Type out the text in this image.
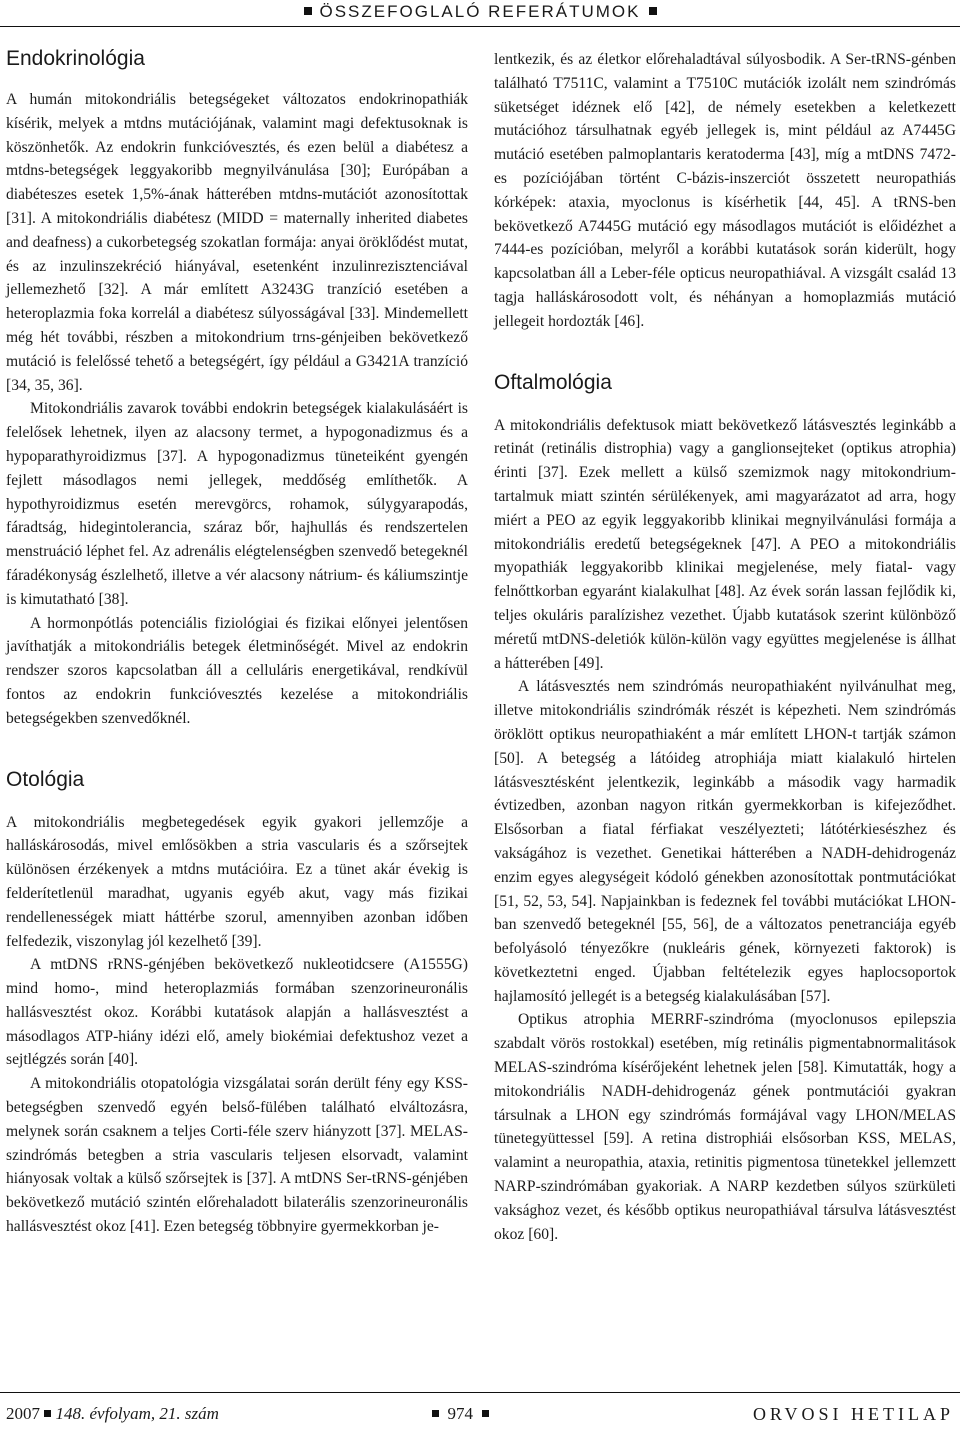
ÖSSZEFOGLALÓ REFERÁTUMOK
Endokrinológia

A humán mitokondriális betegségeket változatos endokrinopathiák kísérik, melyek a mtdns mutációjának, valamint magi defektusoknak is köszönhetők. Az endokrin funkcióvesztés, és ezen belül a diabétesz a mtdns-betegségek leggyakoribb megnyilvánulása [30]; Európában a diabéteszes esetek 1,5%-ának hátterében mtdns-mutációt azonosítottak [31]. A mitokondriális diabétesz (MIDD = maternally inherited diabetes and deafness) a cukorbetegség szokatlan formája: anyai öröklődést mutat, és az inzulinszekréció hiányával, esetenként inzulinrezisztenciával jellemezhető [32]. A már említett A3243G tranzíció esetében a heteroplazmia foka korrelál a diabétesz súlyosságával [33]. Mindemellett még hét további, részben a mitokondrium trns-génjeiben bekövetkező mutáció is felelőssé tehető a betegségért, így például a G3421A tranzíció [34, 35, 36].

Mitokondriális zavarok további endokrin betegségek kialakulásáért is felelősek lehetnek, ilyen az alacsony termet, a hypogonadizmus és a hypoparathyroidizmus [37]. A hypogonadizmus tüneteiként gyengén fejlett másodlagos nemi jellegek, meddőség említhetők. A hypothyroidizmus esetén merevgörcs, rohamok, súlygyarapodás, fáradtság, hidegintolerancia, száraz bőr, hajhullás és rendszertelen menstruáció léphet fel. Az adrenális elégtelenségben szenvedő betegeknél fáradékonyság észlelhető, illetve a vér alacsony nátrium- és káliumszintje is kimutatható [38].

A hormonpótlás potenciális fiziológiai és fizikai előnyei jelentősen javíthatják a mitokondriális betegek életminőségét. Mivel az endokrin rendszer szoros kapcsolatban áll a celluláris energetikával, rendkívül fontos az endokrin funkcióvesztés kezelése a mitokondriális betegségekben szenvedőknél.

Otológia

A mitokondriális megbetegedések egyik gyakori jellemzője a halláskárosodás, mivel emlősökben a stria vascularis és a szőrsejtek különösen érzékenyek a mtdns mutációira. Ez a tünet akár évekig is felderítetlenül maradhat, ugyanis egyéb akut, vagy más fizikai rendellenességek miatt háttérbe szorul, amennyiben azonban időben felfedezik, viszonylag jól kezelhető [39].

A mtDNS rRNS-génjében bekövetkező nukleotidcsere (A1555G) mind homo-, mind heteroplazmiás formában szenzorineuronális hallásvesztést okoz. Korábbi kutatások alapján a hallásvesztést a másodlagos ATP-hiány idézi elő, amely biokémiai defektushoz vezet a sejtlégzés során [40].

A mitokondriális otopatológia vizsgálatai során derült fény egy KSS-betegségben szenvedő egyén belső-fülében található elváltozásra, melynek során csaknem a teljes Corti-féle szerv hiányzott [37]. MELAS-szindrómás betegben a stria vascularis teljesen elsorvadt, valamint hiányosak voltak a külső szőrsejtek is [37]. A mtDNS Ser-tRNS-génjében bekövetkező mutáció szintén előrehaladott bilaterális szenzorineuronális hallásvesztést okoz [41]. Ezen betegség többnyire gyermekkorban je-

lentkezik, és az életkor előrehaladtával súlyosbodik. A Ser-tRNS-génben található T7511C, valamint a T7510C mutációk izolált nem szindrómás süketséget idéznek elő [42], de némely esetekben a keletkezett mutációhoz társulhatnak egyéb jellegek is, mint például az A7445G mutáció esetében palmoplantaris keratoderma [43], míg a mtDNS 7472-es pozíciójában történt C-bázis-inszerciót összetett neuropathiás kórképek: ataxia, myoclonus is kísérhetik [44, 45]. A tRNS-ben bekövetkező A7445G mutáció egy másodlagos mutációt is előidézhet a 7444-es pozícióban, melyről a korábbi kutatások során kiderült, hogy kapcsolatban áll a Leber-féle opticus neuropathiával. A vizsgált család 13 tagja halláskárosodott volt, és néhányan a homoplazmiás mutáció jellegeit hordozták [46].

Oftalmológia

A mitokondriális defektusok miatt bekövetkező látásvesztés leginkább a retinát (retinális distrophia) vagy a ganglionsejteket (optikus atrophia) érinti [37]. Ezek mellett a külső szemizmok nagy mitokondrium-tartalmuk miatt szintén sérülékenyek, ami magyarázatot ad arra, hogy miért a PEO az egyik leggyakoribb klinikai megnyilvánulási formája a mitokondriális eredetű betegségeknek [47]. A PEO a mitokondriális myopathiák leggyakoribb klinikai megjelenése, mely fiatal- vagy felnőttkorban egyaránt kialakulhat [48]. Az évek során lassan fejlődik ki, teljes okuláris paralízishez vezethet. Újabb kutatások szerint különböző méretű mtDNS-deletiók külön-külön vagy együttes megjelenése is állhat a hátterében [49].

A látásvesztés nem szindrómás neuropathiaként nyilvánulhat meg, illetve mitokondriális szindrómák részét is képezheti. Nem szindrómás öröklött optikus neuropathiaként a már említett LHON-t tartják számon [50]. A betegség a látóideg atrophiája miatt kialakuló hirtelen látásvesztésként jelentkezik, leginkább a második vagy harmadik évtizedben, azonban nagyon ritkán gyermekkorban is kifejeződhet. Elsősorban a fiatal férfiakat veszélyezteti; látótérkiesészhez és vakságához is vezethet. Genetikai hátterében a NADH-dehidrogenáz enzim egyes alegységeit kódoló génekben azonosítottak pontmutációkat [51, 52, 53, 54]. Napjainkban is fedeznek fel további mutációkat LHON-ban szenvedő betegeknél [55, 56], de a változatos penetranciája egyéb befolyásoló tényezőkre (nukleáris gének, környezeti faktorok) is következtetni enged. Újabban feltételezik egyes haplocsoportok hajlamosító jellegét is a betegség kialakulásában [57].

Optikus atrophia MERRF-szindróma (myoclonusos epilepszia szabdalt vörös rostokkal) esetében, míg retinális pigmentabnormalitások MELAS-szindróma kísérőjeként lehetnek jelen [58]. Kimutatták, hogy a mitokondriális NADH-dehidrogenáz gének pontmutációi gyakran társulnak a LHON egy szindrómás formájával vagy LHON/MELAS tünetegyüttessel [59]. A retina distrophiái elsősorban KSS, MELAS, valamint a neuropathia, ataxia, retinitis pigmentosa tünetekkel jellemzett NARP-szindrómában gyakoriak. A NARP kezdetben súlyos szürkületi vaksághoz vezet, és később optikus neuropathiával társulva látásvesztést okoz [60].

2007 148. évfolyam, 21. szám	974	ORVOSI HETILAP
